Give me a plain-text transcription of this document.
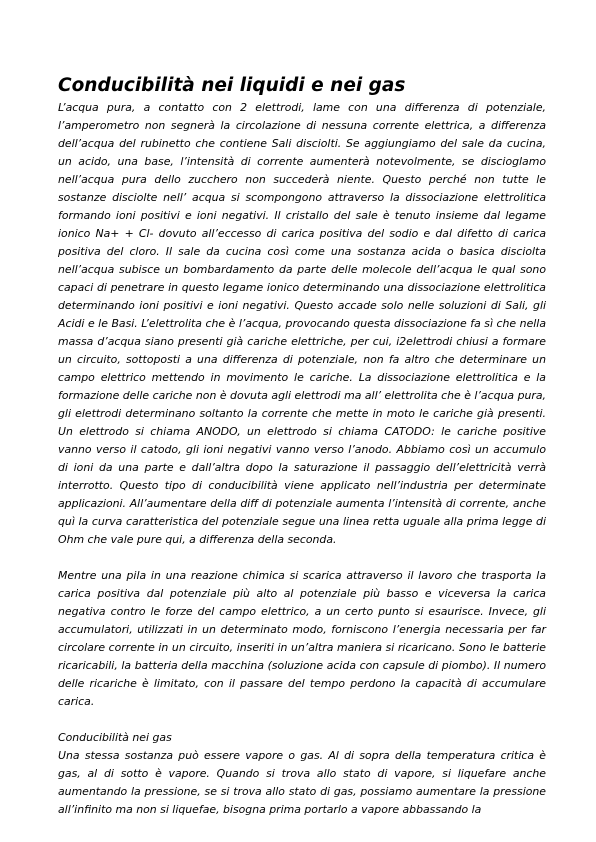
Conducibilità nei liquidi e nei gas

L’acqua pura, a contatto con 2 elettrodi, lame con una differenza di potenziale, l’amperometro non segnerà la circolazione di nessuna corrente elettrica, a differenza dell’acqua del rubinetto che contiene Sali disciolti. Se aggiungiamo del sale da cucina, un acido, una base, l’intensità di corrente aumenterà notevolmente, se discioglamo nell’acqua pura dello zucchero non succederà niente. Questo perché non tutte le sostanze disciolte nell’ acqua si scompongono attraverso la dissociazione elettrolitica formando ioni positivi e ioni negativi. Il cristallo del sale è tenuto insieme dal legame ionico Na+ + Cl- dovuto all’eccesso di carica positiva del sodio e dal difetto di carica positiva del cloro. Il sale da cucina così come una sostanza acida o basica disciolta nell’acqua subisce un bombardamento da parte delle molecole dell’acqua le qual sono capaci di penetrare in questo legame ionico determinando una dissociazione elettrolitica determinando ioni positivi e ioni negativi. Questo accade solo nelle soluzioni di Sali, gli Acidi e le Basi. L’elettrolita che è l’acqua, provocando questa dissociazione fa sì che nella massa d’acqua siano presenti già cariche elettriche, per cui, i2elettrodi chiusi a formare un circuito, sottoposti a una differenza di potenziale, non fa altro che determinare un campo elettrico mettendo in movimento le cariche. La dissociazione elettrolitica e la formazione delle cariche non è dovuta agli elettrodi ma all’ elettrolita che è l’acqua pura, gli elettrodi determinano soltanto la corrente che mette in moto le cariche già presenti. Un elettrodo si chiama ANODO, un elettrodo si chiama CATODO: le cariche positive vanno verso il catodo, gli ioni negativi vanno verso l’anodo. Abbiamo così un accumulo di ioni da una parte e dall’altra dopo la saturazione il passaggio dell’elettricità verrà interrotto. Questo tipo di conducibilità viene applicato nell’industria per determinate applicazioni. All’aumentare della diff di potenziale aumenta l’intensità di corrente, anche quì la curva caratteristica del potenziale segue una linea retta uguale alla prima legge di Ohm che vale pure qui, a differenza della seconda.

Mentre una pila in una reazione chimica si scarica attraverso il lavoro che trasporta la carica positiva dal potenziale più alto al potenziale più basso e viceversa la carica negativa contro le forze del campo elettrico, a un certo punto si esaurisce. Invece, gli accumulatori, utilizzati in un determinato modo, forniscono l’energia necessaria per far circolare corrente in un circuito, inseriti in un’altra maniera si ricaricano. Sono le batterie ricaricabili, la batteria della macchina (soluzione acida con capsule di piombo). Il numero delle ricariche è limitato, con il passare del tempo perdono la capacità di accumulare carica.

Conducibilità nei gas

Una stessa sostanza può essere vapore o gas. Al di sopra della temperatura critica è gas, al di sotto è vapore. Quando si trova allo stato di vapore, si liquefare anche aumentando la pressione, se si trova allo stato di gas, possiamo aumentare la pressione all’infinito ma non si liquefae, bisogna prima portarlo a vapore abbassando la
